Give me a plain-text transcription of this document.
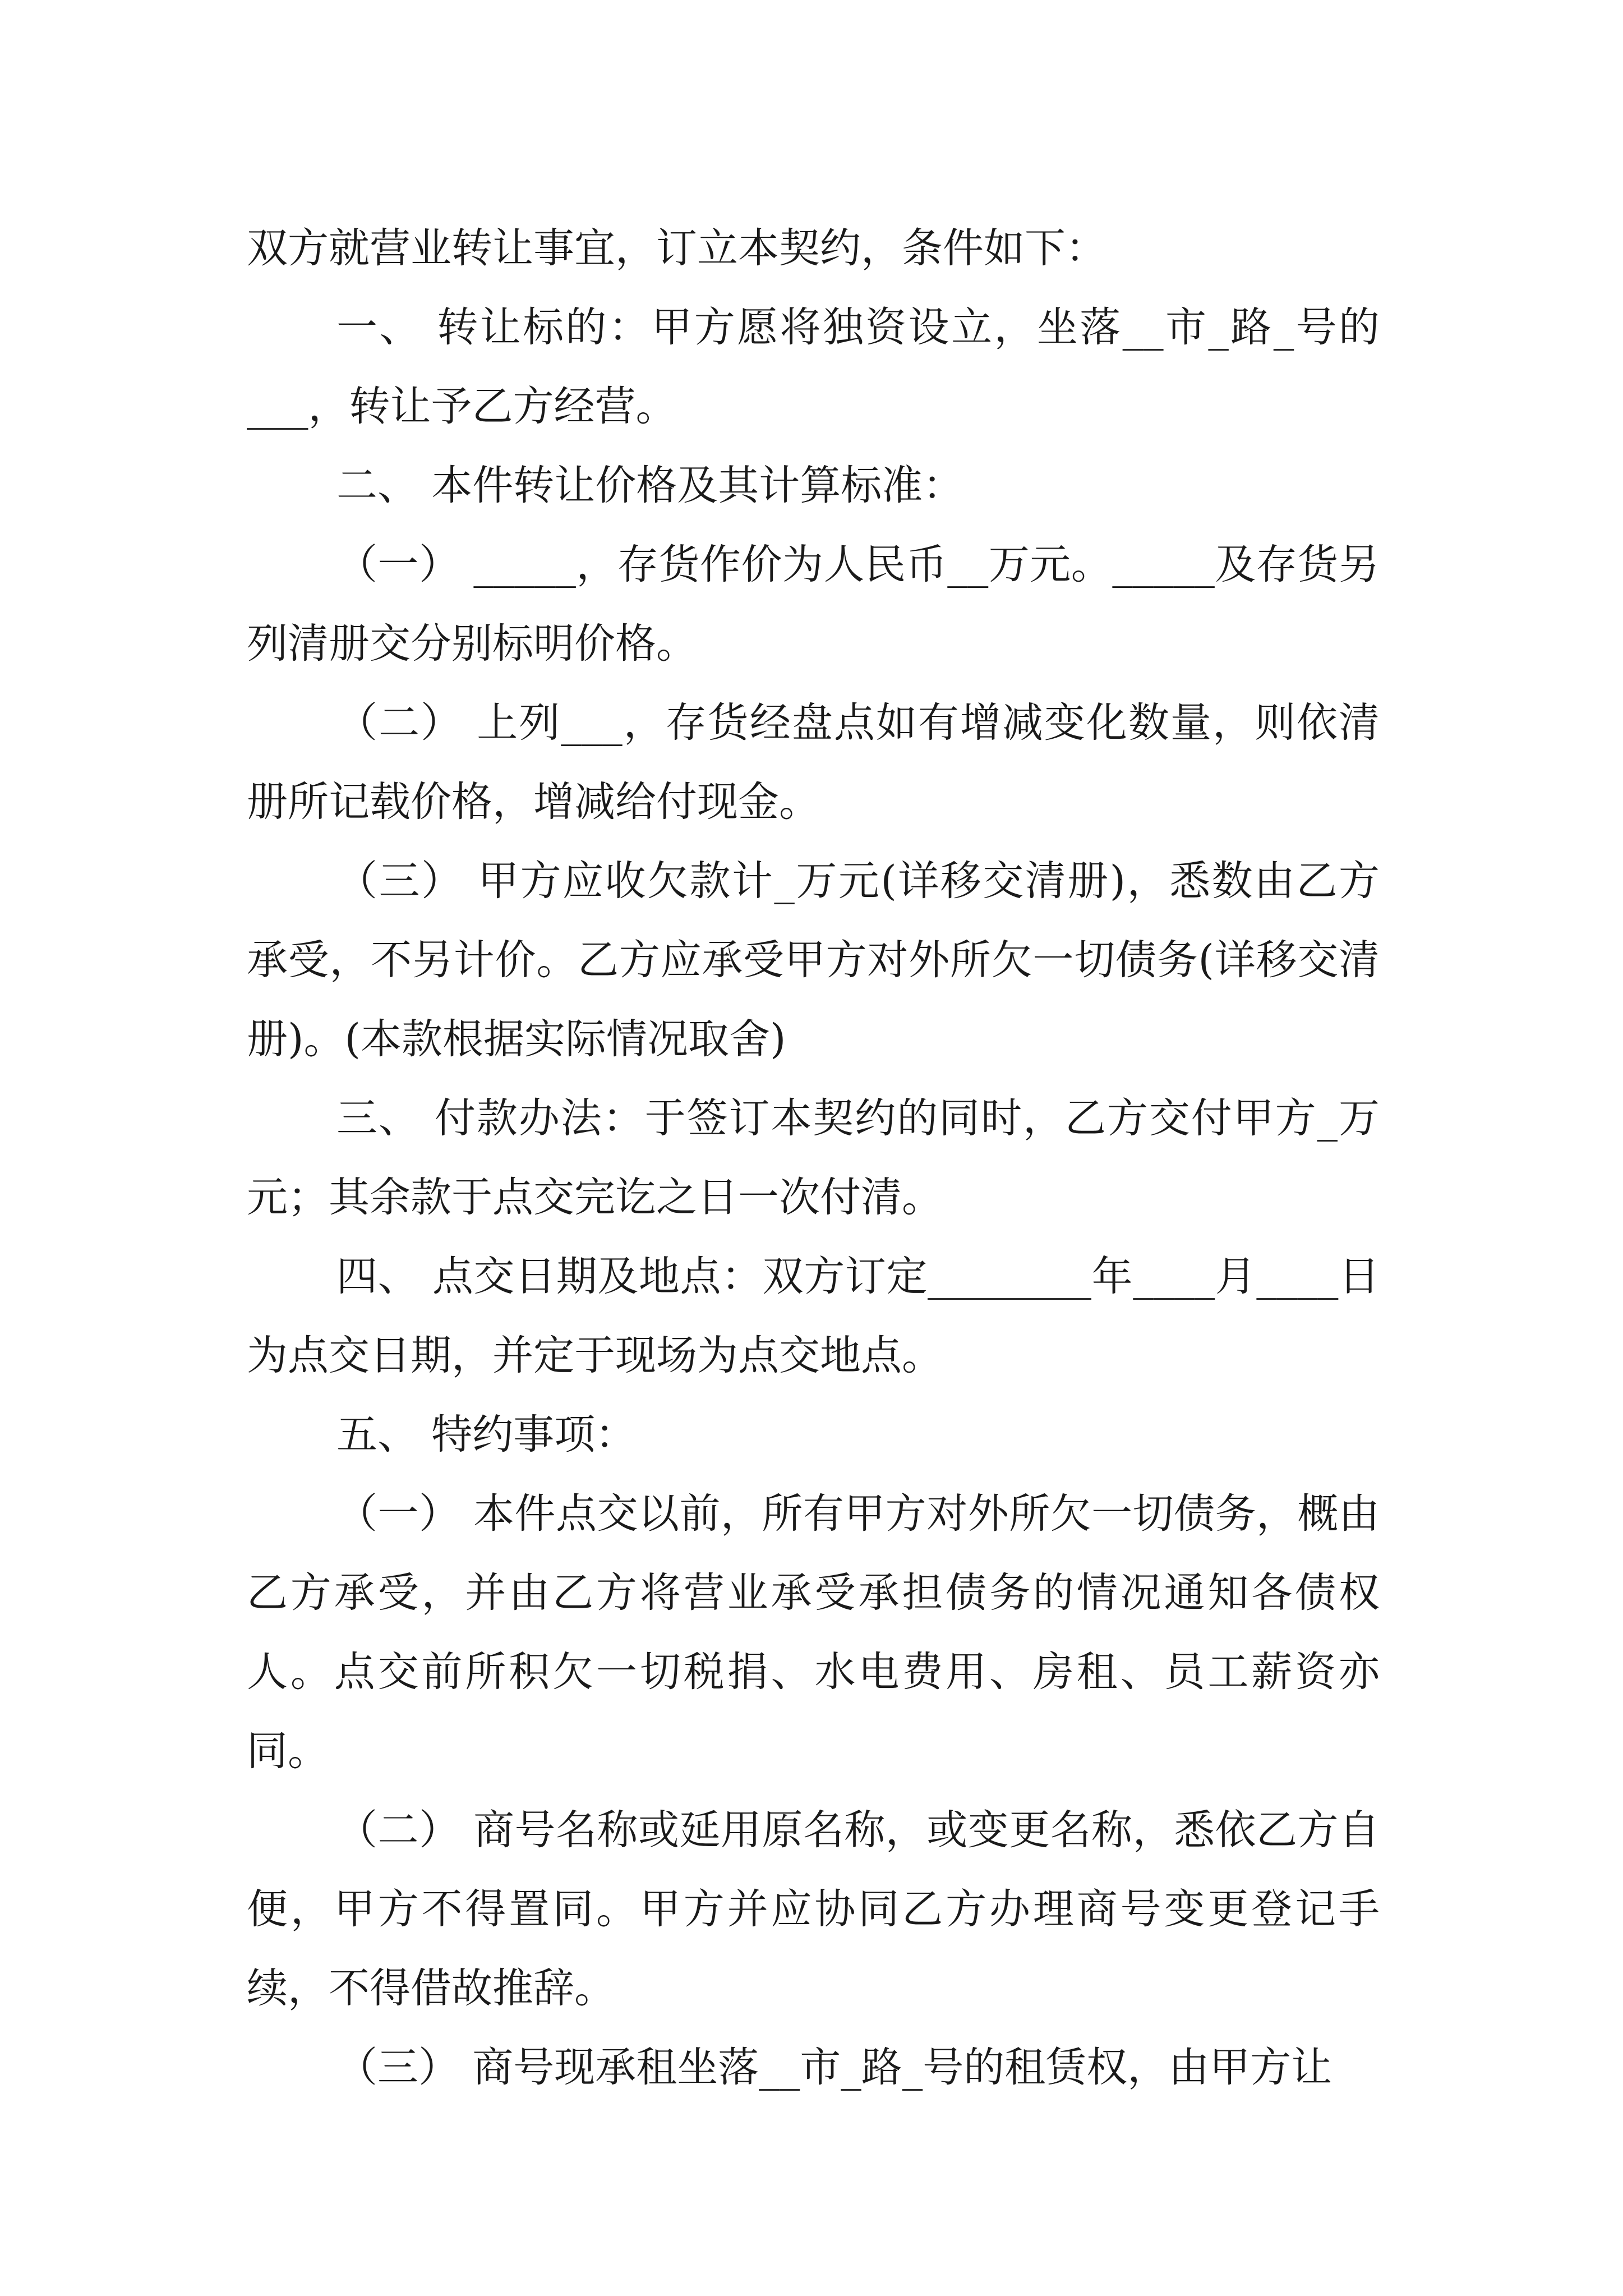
双方就营业转让事宜，订立本契约，条件如下：

一、 转让标的：甲方愿将独资设立，坐落__市_路_号的___，转让予乙方经营。

二、 本件转让价格及其计算标准：

（一） _____，存货作价为人民币__万元。_____及存货另列清册交分别标明价格。

（二） 上列___，存货经盘点如有增减变化数量，则依清册所记载价格，增减给付现金。

（三） 甲方应收欠款计_万元(详移交清册)，悉数由乙方承受，不另计价。乙方应承受甲方对外所欠一切债务(详移交清册)。(本款根据实际情况取舍)

三、 付款办法：于签订本契约的同时，乙方交付甲方_万元；其余款于点交完讫之日一次付清。

四、 点交日期及地点：双方订定________年____月____日为点交日期，并定于现场为点交地点。

五、 特约事项：

（一） 本件点交以前，所有甲方对外所欠一切债务，概由乙方承受，并由乙方将营业承受承担债务的情况通知各债权人。点交前所积欠一切税捐、水电费用、房租、员工薪资亦同。

（二） 商号名称或延用原名称，或变更名称，悉依乙方自便，甲方不得置同。甲方并应协同乙方办理商号变更登记手续，不得借故推辞。

（三） 商号现承租坐落__市_路_号的租赁权，由甲方让
